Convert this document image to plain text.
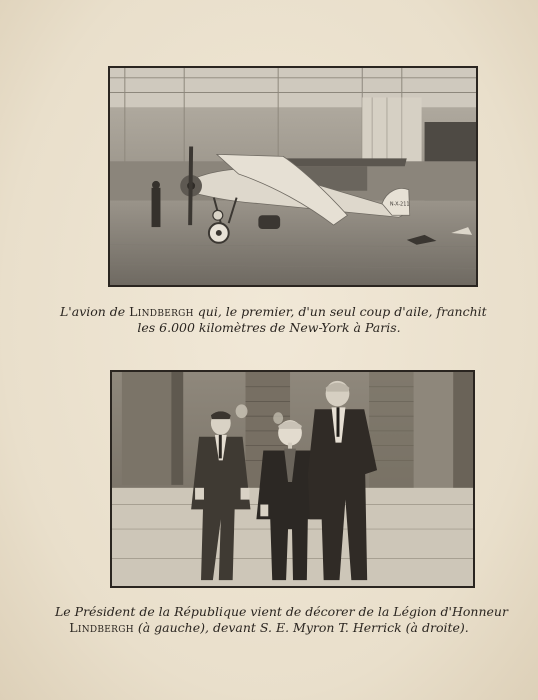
N-X-211
L'avion de Lindbergh qui, le premier, d'un seul coup d'aile, franchit
les 6.000 kilomètres de New-York à Paris.
Le Président de la République vient de décorer de la Légion d'Honneur
Lindbergh (à gauche), devant S. E. Myron T. Herrick (à droite).
